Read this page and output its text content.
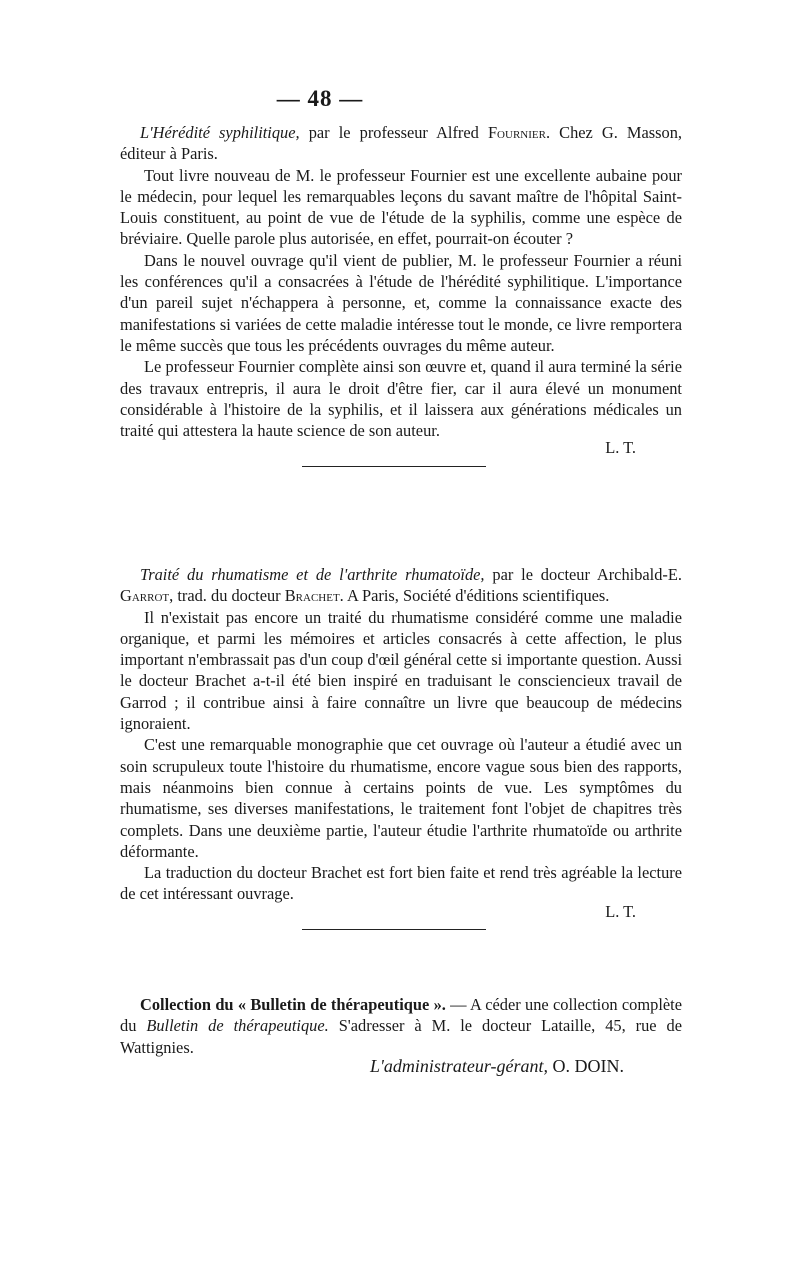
— 48 —

L'Hérédité syphilitique, par le professeur Alfred Fournier. Chez G. Masson, éditeur à Paris.

Tout livre nouveau de M. le professeur Fournier est une excellente aubaine pour le médecin, pour lequel les remarquables leçons du savant maître de l'hôpital Saint-Louis constituent, au point de vue de l'étude de la syphilis, comme une espèce de bréviaire. Quelle parole plus autorisée, en effet, pourrait-on écouter ?

Dans le nouvel ouvrage qu'il vient de publier, M. le professeur Fournier a réuni les conférences qu'il a consacrées à l'étude de l'hérédité syphilitique. L'importance d'un pareil sujet n'échappera à personne, et, comme la connaissance exacte des manifestations si variées de cette maladie intéresse tout le monde, ce livre remportera le même succès que tous les précédents ouvrages du même auteur.

Le professeur Fournier complète ainsi son œuvre et, quand il aura terminé la série des travaux entrepris, il aura le droit d'être fier, car il aura élevé un monument considérable à l'histoire de la syphilis, et il laissera aux générations médicales un traité qui attestera la haute science de son auteur.

L. T.

Traité du rhumatisme et de l'arthrite rhumatoïde, par le docteur Archibald-E. Garrot, trad. du docteur Brachet. A Paris, Société d'éditions scientifiques.

Il n'existait pas encore un traité du rhumatisme considéré comme une maladie organique, et parmi les mémoires et articles consacrés à cette affection, le plus important n'embrassait pas d'un coup d'œil général cette si importante question. Aussi le docteur Brachet a-t-il été bien inspiré en traduisant le consciencieux travail de Garrod ; il contribue ainsi à faire connaître un livre que beaucoup de médecins ignoraient.

C'est une remarquable monographie que cet ouvrage où l'auteur a étudié avec un soin scrupuleux toute l'histoire du rhumatisme, encore vague sous bien des rapports, mais néanmoins bien connue à certains points de vue. Les symptômes du rhumatisme, ses diverses manifestations, le traitement font l'objet de chapitres très complets. Dans une deuxième partie, l'auteur étudie l'arthrite rhumatoïde ou arthrite déformante.

La traduction du docteur Brachet est fort bien faite et rend très agréable la lecture de cet intéressant ouvrage.

L. T.

Collection du « Bulletin de thérapeutique ». — A céder une collection complète du Bulletin de thérapeutique. S'adresser à M. le docteur Lataille, 45, rue de Wattignies.

L'administrateur-gérant, O. DOIN.
